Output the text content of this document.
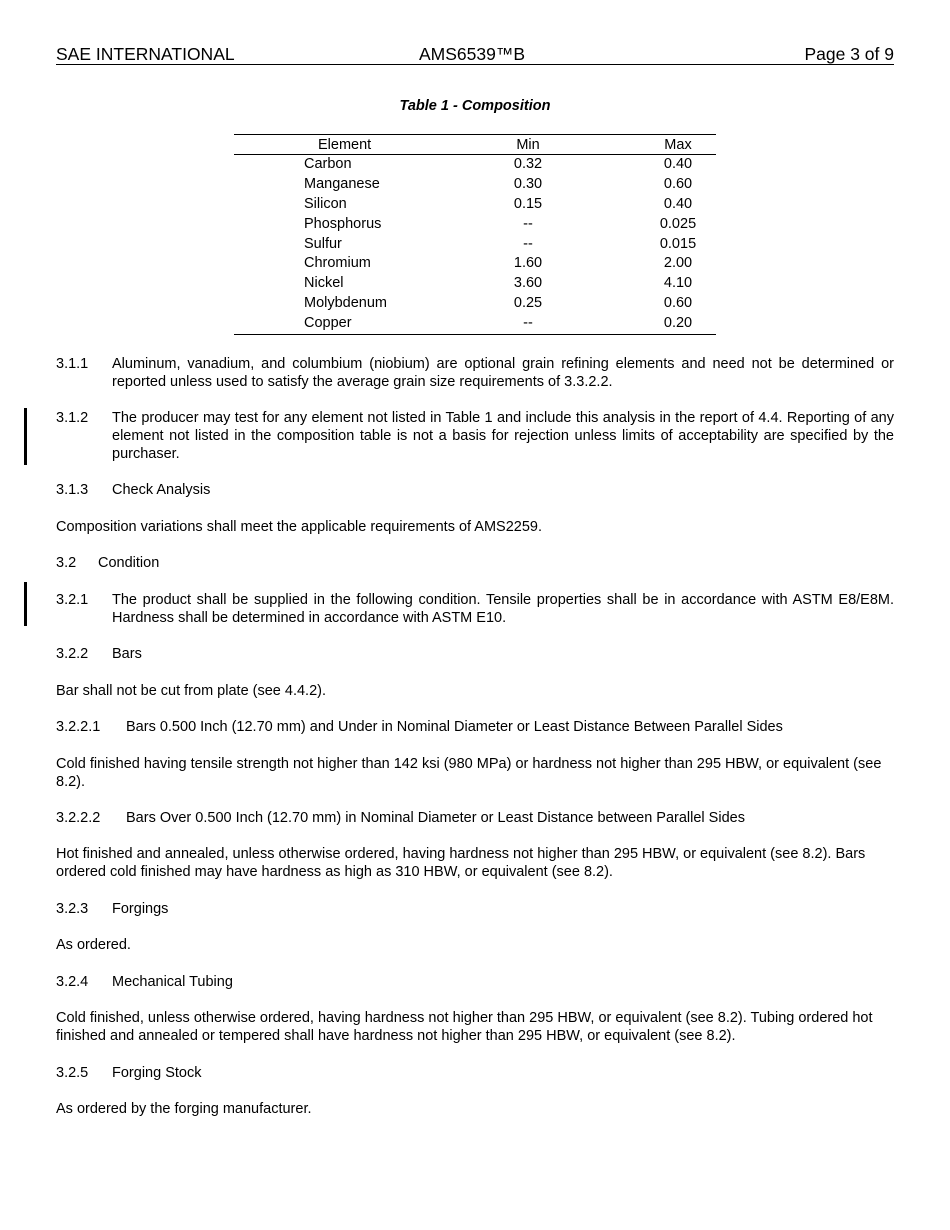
SAE INTERNATIONAL	AMS6539™B	Page 3 of 9
Table 1 - Composition
Element	Min	Max
Carbon	0.32	0.40
Manganese	0.30	0.60
Silicon	0.15	0.40
Phosphorus	--	0.025
Sulfur	--	0.015
Chromium	1.60	2.00
Nickel	3.60	4.10
Molybdenum	0.25	0.60
Copper	--	0.20
3.1.1 Aluminum, vanadium, and columbium (niobium) are optional grain refining elements and need not be determined or reported unless used to satisfy the average grain size requirements of 3.3.2.2.
3.1.2 The producer may test for any element not listed in Table 1 and include this analysis in the report of 4.4. Reporting of any element not listed in the composition table is not a basis for rejection unless limits of acceptability are specified by the purchaser.
3.1.3 Check Analysis
Composition variations shall meet the applicable requirements of AMS2259.
3.2 Condition
3.2.1 The product shall be supplied in the following condition. Tensile properties shall be in accordance with ASTM E8/E8M. Hardness shall be determined in accordance with ASTM E10.
3.2.2 Bars
Bar shall not be cut from plate (see 4.4.2).
3.2.2.1 Bars 0.500 Inch (12.70 mm) and Under in Nominal Diameter or Least Distance Between Parallel Sides
Cold finished having tensile strength not higher than 142 ksi (980 MPa) or hardness not higher than 295 HBW, or equivalent (see 8.2).
3.2.2.2 Bars Over 0.500 Inch (12.70 mm) in Nominal Diameter or Least Distance between Parallel Sides
Hot finished and annealed, unless otherwise ordered, having hardness not higher than 295 HBW, or equivalent (see 8.2). Bars ordered cold finished may have hardness as high as 310 HBW, or equivalent (see 8.2).
3.2.3 Forgings
As ordered.
3.2.4 Mechanical Tubing
Cold finished, unless otherwise ordered, having hardness not higher than 295 HBW, or equivalent (see 8.2). Tubing ordered hot finished and annealed or tempered shall have hardness not higher than 295 HBW, or equivalent (see 8.2).
3.2.5 Forging Stock
As ordered by the forging manufacturer.
